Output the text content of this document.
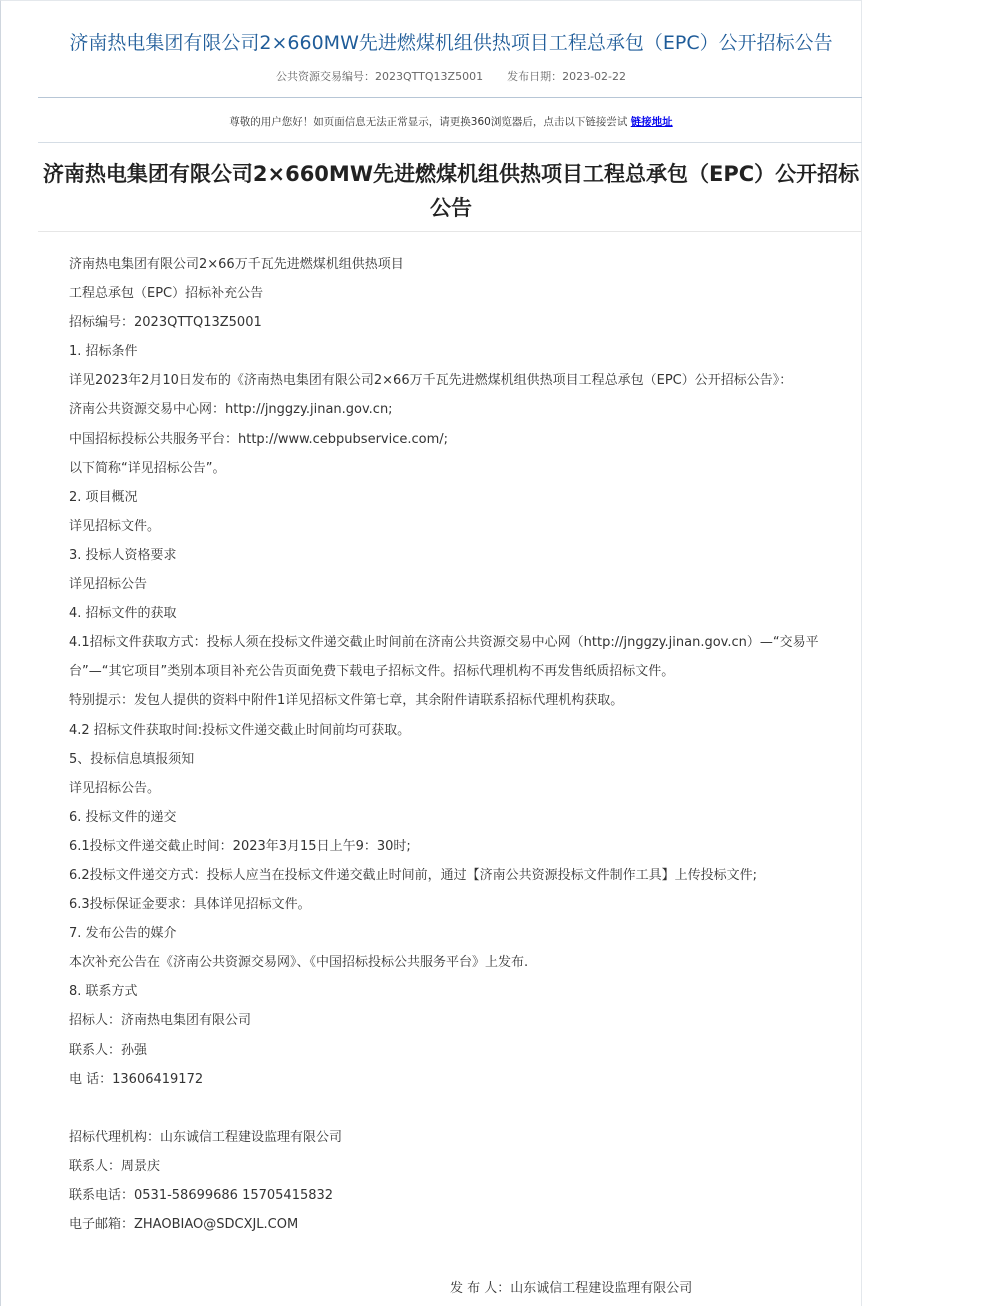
济南热电集团有限公司2×660MW先进燃煤机组供热项目工程总承包（EPC）公开招标公告
公共资源交易编号：2023QTTQ13Z5001 发布日期：2023-02-22
尊敬的用户您好！如页面信息无法正常显示，请更换360浏览器后，点击以下链接尝试 链接地址
济南热电集团有限公司2×660MW先进燃煤机组供热项目工程总承包（EPC）公开招标公告
济南热电集团有限公司2×66万千瓦先进燃煤机组供热项目
工程总承包（EPC）招标补充公告
招标编号：2023QTTQ13Z5001
1. 招标条件
详见2023年2月10日发布的《济南热电集团有限公司2×66万千瓦先进燃煤机组供热项目工程总承包（EPC）公开招标公告》：
济南公共资源交易中心网：http://jnggzy.jinan.gov.cn;
中国招标投标公共服务平台：http://www.cebpubservice.com/;
以下简称“详见招标公告”。
2. 项目概况
详见招标文件。
3. 投标人资格要求
详见招标公告
4. 招标文件的获取
4.1招标文件获取方式：投标人须在投标文件递交截止时间前在济南公共资源交易中心网（http://jnggzy.jinan.gov.cn）—“交易平台”—“其它项目”类别本项目补充公告页面免费下载电子招标文件。招标代理机构不再发售纸质招标文件。
特别提示：发包人提供的资料中附件1详见招标文件第七章，其余附件请联系招标代理机构获取。
4.2 招标文件获取时间:投标文件递交截止时间前均可获取。
5、投标信息填报须知
详见招标公告。
6. 投标文件的递交
6.1投标文件递交截止时间：2023年3月15日上午9：30时;
6.2投标文件递交方式：投标人应当在投标文件递交截止时间前，通过【济南公共资源投标文件制作工具】上传投标文件;
6.3投标保证金要求：具体详见招标文件。
7. 发布公告的媒介
本次补充公告在《济南公共资源交易网》、《中国招标投标公共服务平台》上发布.
8. 联系方式
招标人：济南热电集团有限公司
联系人：孙强
电 话：13606419172
招标代理机构：山东诚信工程建设监理有限公司
联系人：周景庆
联系电话：0531-58699686 15705415832
电子邮箱：ZHAOBIAO@SDCXJL.COM
发 布 人：山东诚信工程建设监理有限公司
